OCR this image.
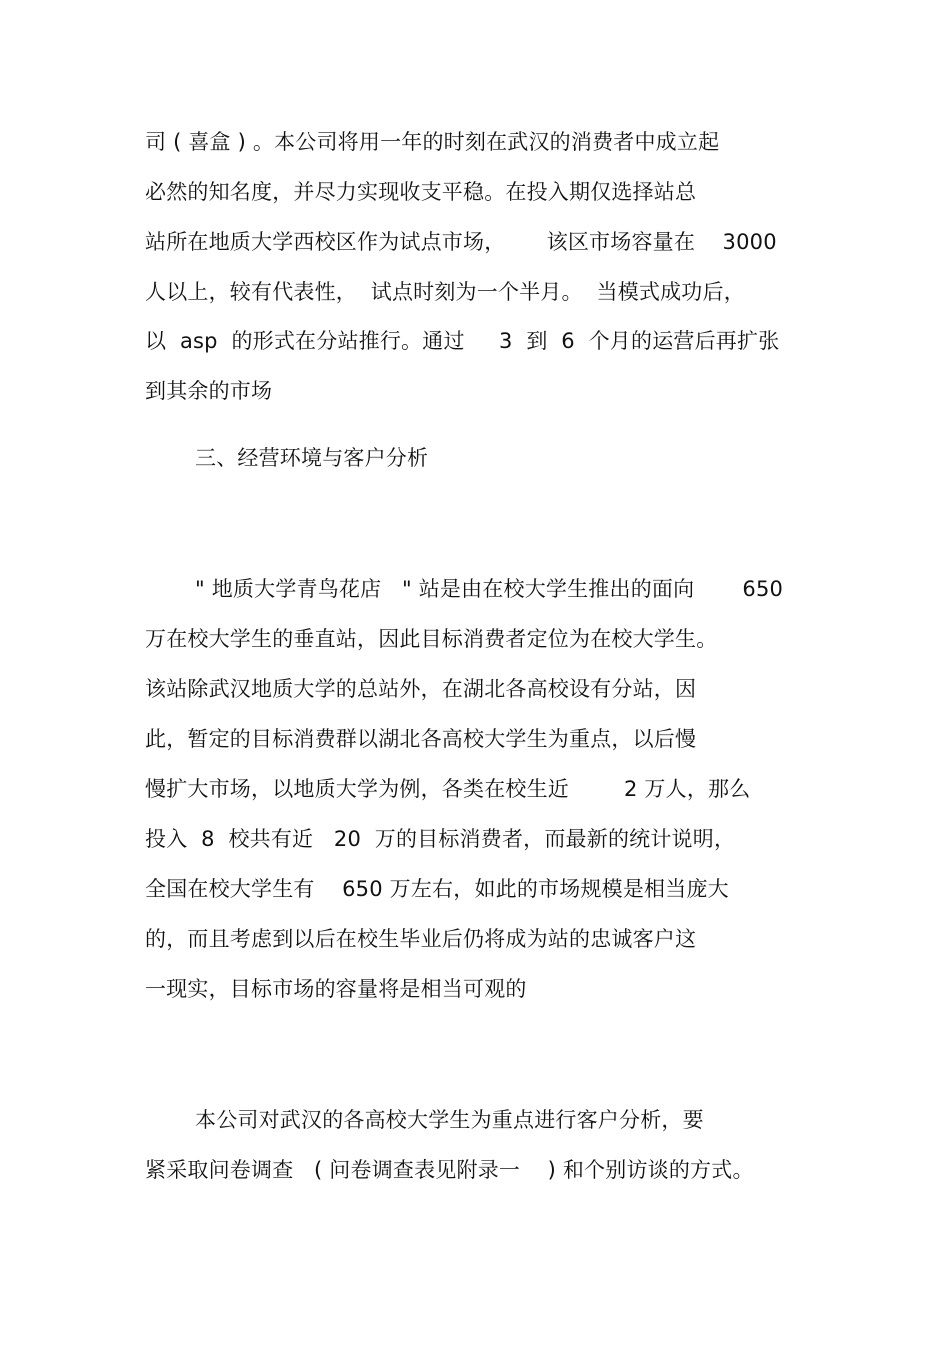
司 ( 喜盒 ) 。本公司将用一年的时刻在武汉的消费者中成立起
必然的知名度，并尽力实现收支平稳。在投入期仅选择站总
站所在地质大学西校区作为试点市场，      该区市场容量在    3000
人以上，较有代表性，  试点时刻为一个半月。  当模式成功后，
以  asp  的形式在分站推行。通过     3  到  6  个月的运营后再扩张
到其余的市场
三、经营环境与客户分析
" 地质大学青鸟花店   " 站是由在校大学生推出的面向       650
万在校大学生的垂直站，因此目标消费者定位为在校大学生。
该站除武汉地质大学的总站外，在湖北各高校设有分站，因
此，暂定的目标消费群以湖北各高校大学生为重点，以后慢
慢扩大市场，以地质大学为例，各类在校生近        2 万人，那么
投入  8  校共有近   20  万的目标消费者，而最新的统计说明，
全国在校大学生有    650 万左右，如此的市场规模是相当庞大
的，而且考虑到以后在校生毕业后仍将成为站的忠诚客户这
一现实，目标市场的容量将是相当可观的
本公司对武汉的各高校大学生为重点进行客户分析，要
紧采取问卷调查   ( 问卷调查表见附录一    ) 和个别访谈的方式。
